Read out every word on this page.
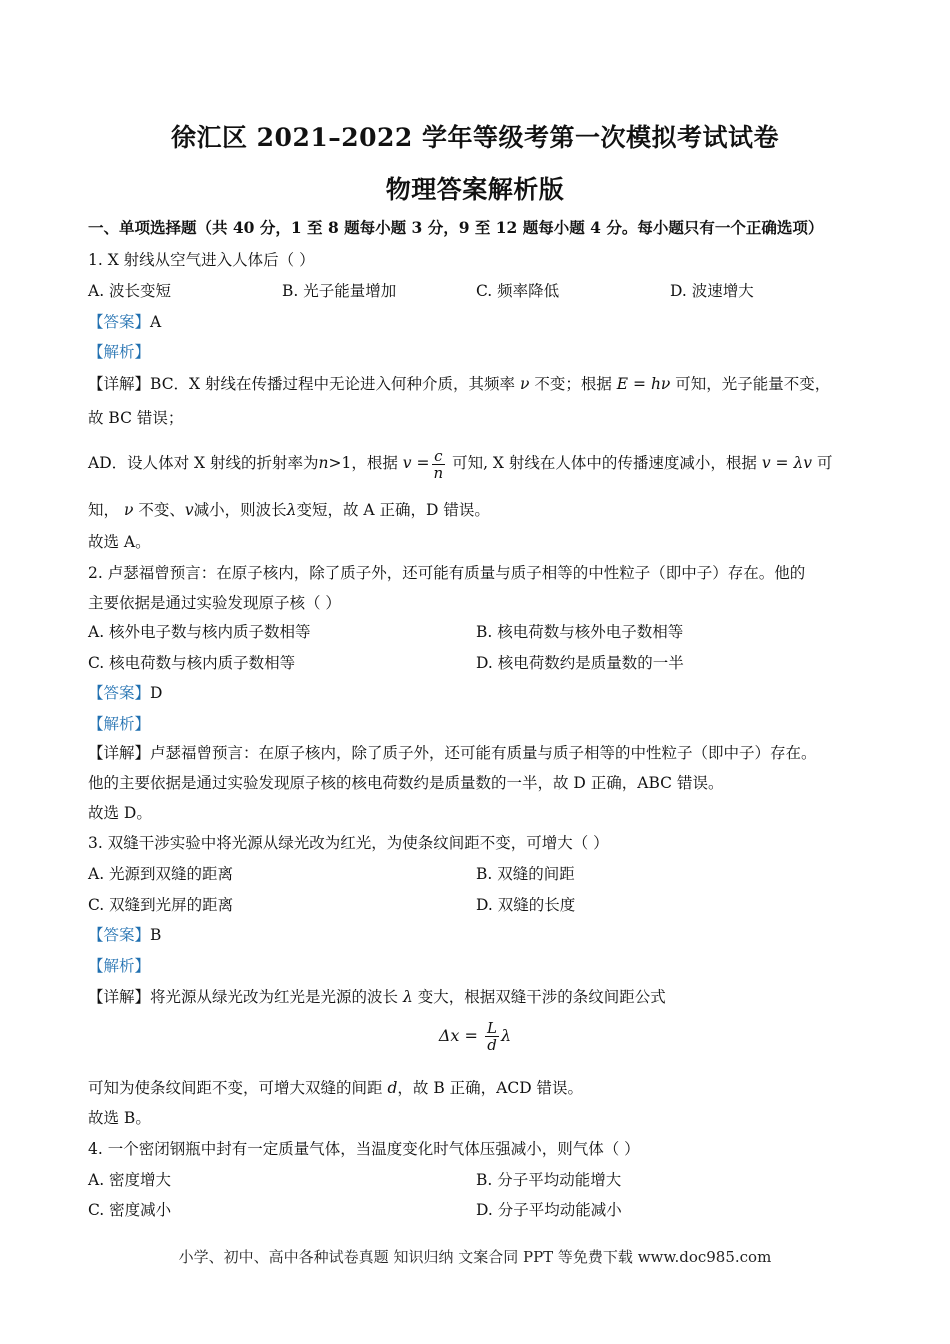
徐汇区 2021–2022 学年等级考第一次模拟考试试卷
物理答案解析版
一、单项选择题（共 40 分，1 至 8 题每小题 3 分，9 至 12 题每小题 4 分。每小题只有一个正确选项）
1. X 射线从空气进入人体后（ ）
A. 波长变短	B. 光子能量增加	C. 频率降低	D. 波速增大
【答案】A
【解析】
【详解】BC．X 射线在传播过程中无论进入何种介质，其频率 ν 不变；根据 E = hν 可知，光子能量不变，
故 BC 错误；
AD．设人体对 X 射线的折射率为n>1，根据 $v = \frac{c}{n}$ 可知, X 射线在人体中的传播速度减小，根据 v = λv 可
知， ν 不变、v减小，则波长λ变短，故 A 正确，D 错误。
故选 A。
2. 卢瑟福曾预言：在原子核内，除了质子外，还可能有质量与质子相等的中性粒子（即中子）存在。他的
主要依据是通过实验发现原子核（ ）
A. 核外电子数与核内质子数相等	B. 核电荷数与核外电子数相等
C. 核电荷数与核内质子数相等	D. 核电荷数约是质量数的一半
【答案】D
【解析】
【详解】卢瑟福曾预言：在原子核内，除了质子外，还可能有质量与质子相等的中性粒子（即中子）存在。
他的主要依据是通过实验发现原子核的核电荷数约是质量数的一半，故 D 正确，ABC 错误。
故选 D。
3. 双缝干涉实验中将光源从绿光改为红光，为使条纹间距不变，可增大（ ）
A. 光源到双缝的距离	B. 双缝的间距
C. 双缝到光屏的距离	D. 双缝的长度
【答案】B
【解析】
【详解】将光源从绿光改为红光是光源的波长 λ 变大，根据双缝干涉的条纹间距公式
$\Delta x = \frac{L}{d}$ λ
可知为使条纹间距不变，可增大双缝的间距 d，故 B 正确，ACD 错误。
故选 B。
4. 一个密闭钢瓶中封有一定质量气体，当温度变化时气体压强减小，则气体（ ）
A. 密度增大	B. 分子平均动能增大
C. 密度减小	D. 分子平均动能减小
小学、初中、高中各种试卷真题 知识归纳 文案合同 PPT 等免费下载 www.doc985.com
